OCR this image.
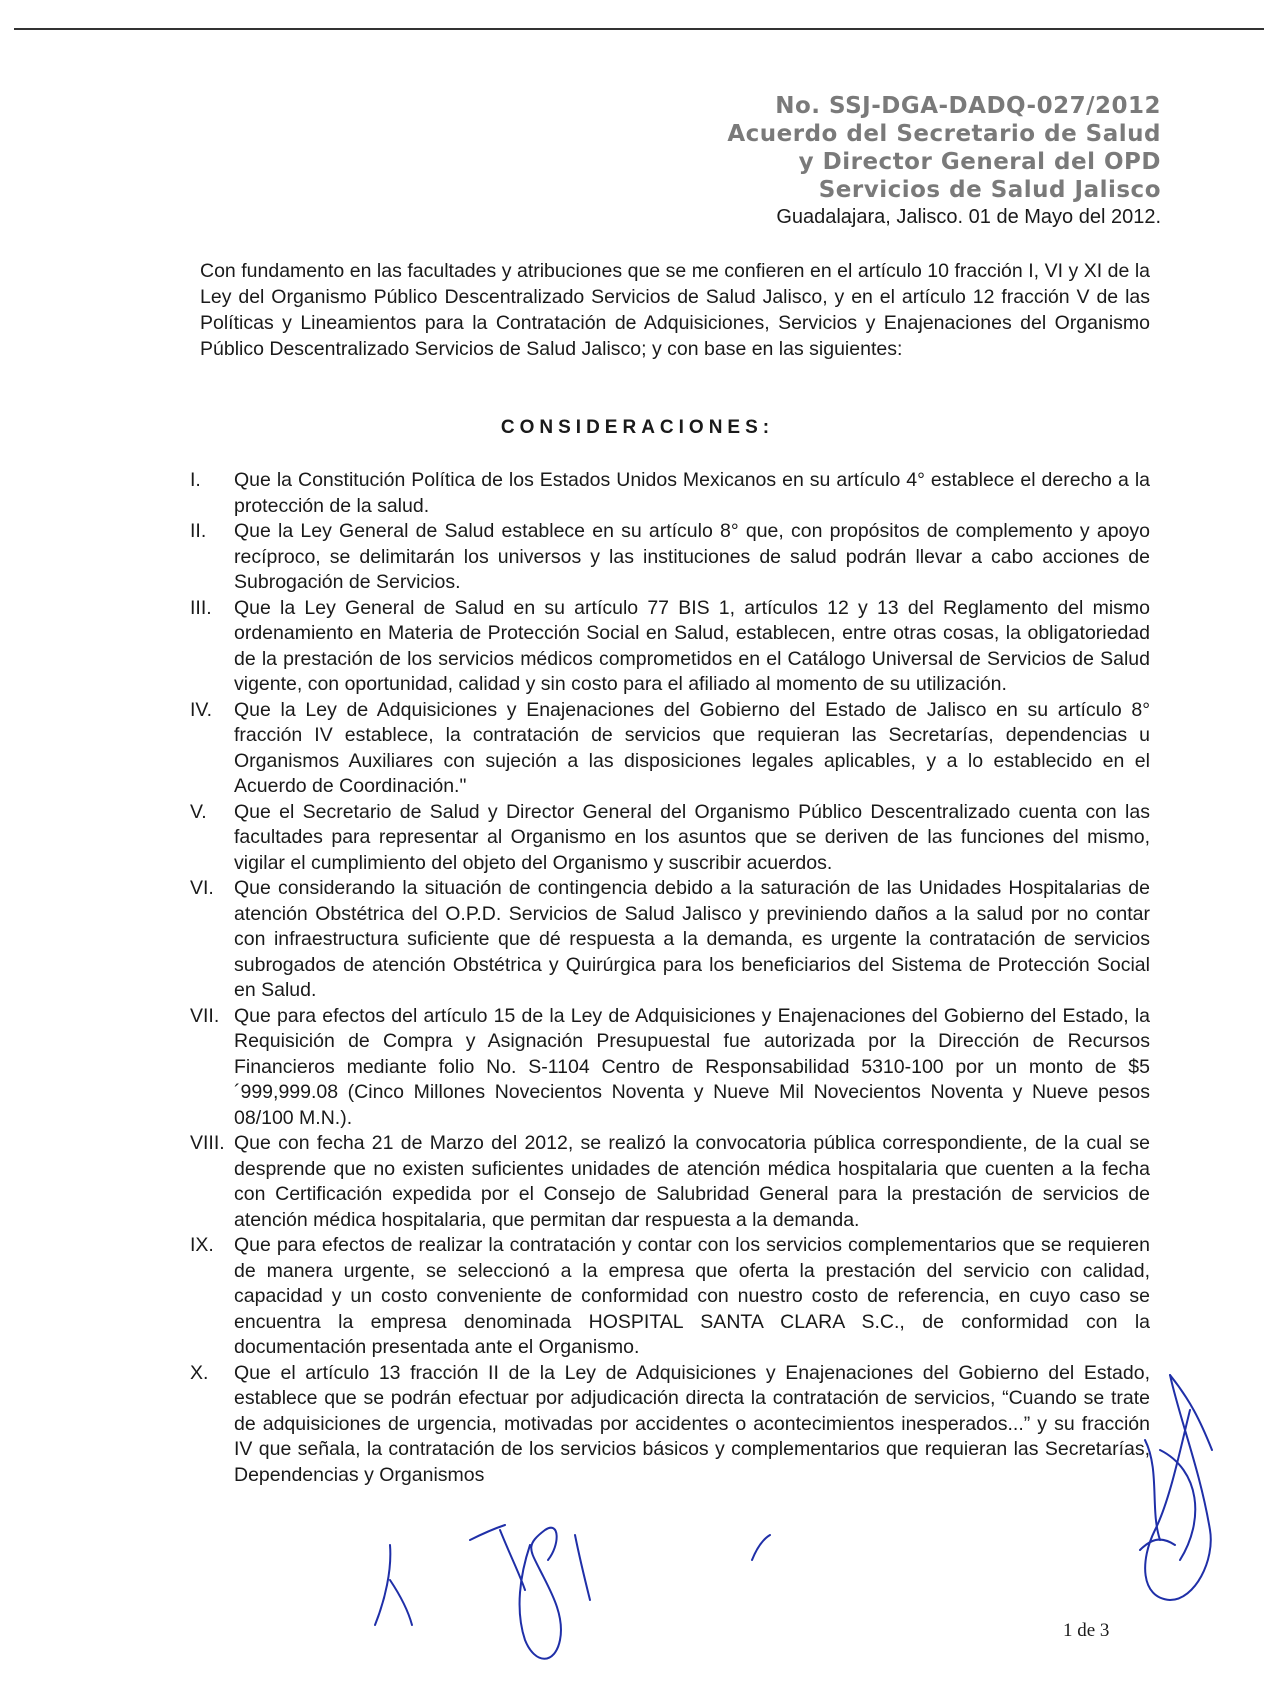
No. SSJ-DGA-DADQ-027/2012
Acuerdo del Secretario de Salud
y Director General del OPD
Servicios de Salud Jalisco
Guadalajara, Jalisco. 01 de Mayo del 2012.
Con fundamento en las facultades y atribuciones que se me confieren en el artículo 10 fracción I, VI y XI de la Ley del Organismo Público Descentralizado Servicios de Salud Jalisco, y en el artículo 12 fracción V de las Políticas y Lineamientos para la Contratación de Adquisiciones, Servicios y Enajenaciones del Organismo Público Descentralizado Servicios de Salud Jalisco; y con base en las siguientes:
CONSIDERACIONES:
I. Que la Constitución Política de los Estados Unidos Mexicanos en su artículo 4° establece el derecho a la protección de la salud.
II. Que la Ley General de Salud establece en su artículo 8° que, con propósitos de complemento y apoyo recíproco, se delimitarán los universos y las instituciones de salud podrán llevar a cabo acciones de Subrogación de Servicios.
III. Que la Ley General de Salud en su artículo 77 BIS 1, artículos 12 y 13 del Reglamento del mismo ordenamiento en Materia de Protección Social en Salud, establecen, entre otras cosas, la obligatoriedad de la prestación de los servicios médicos comprometidos en el Catálogo Universal de Servicios de Salud vigente, con oportunidad, calidad y sin costo para el afiliado al momento de su utilización.
IV. Que la Ley de Adquisiciones y Enajenaciones del Gobierno del Estado de Jalisco en su artículo 8° fracción IV establece, la contratación de servicios que requieran las Secretarías, dependencias u Organismos Auxiliares con sujeción a las disposiciones legales aplicables, y a lo establecido en el Acuerdo de Coordinación."
V. Que el Secretario de Salud y Director General del Organismo Público Descentralizado cuenta con las facultades para representar al Organismo en los asuntos que se deriven de las funciones del mismo, vigilar el cumplimiento del objeto del Organismo y suscribir acuerdos.
VI. Que considerando la situación de contingencia debido a la saturación de las Unidades Hospitalarias de atención Obstétrica del O.P.D. Servicios de Salud Jalisco y previniendo daños a la salud por no contar con infraestructura suficiente que dé respuesta a la demanda, es urgente la contratación de servicios subrogados de atención Obstétrica y Quirúrgica para los beneficiarios del Sistema de Protección Social en Salud.
VII. Que para efectos del artículo 15 de la Ley de Adquisiciones y Enajenaciones del Gobierno del Estado, la Requisición de Compra y Asignación Presupuestal fue autorizada por la Dirección de Recursos Financieros mediante folio No. S-1104 Centro de Responsabilidad 5310-100 por un monto de $5´999,999.08 (Cinco Millones Novecientos Noventa y Nueve Mil Novecientos Noventa y Nueve pesos 08/100 M.N.).
VIII. Que con fecha 21 de Marzo del 2012, se realizó la convocatoria pública correspondiente, de la cual se desprende que no existen suficientes unidades de atención médica hospitalaria que cuenten a la fecha con Certificación expedida por el Consejo de Salubridad General para la prestación de servicios de atención médica hospitalaria, que permitan dar respuesta a la demanda.
IX. Que para efectos de realizar la contratación y contar con los servicios complementarios que se requieren de manera urgente, se seleccionó a la empresa que oferta la prestación del servicio con calidad, capacidad y un costo conveniente de conformidad con nuestro costo de referencia, en cuyo caso se encuentra la empresa denominada HOSPITAL SANTA CLARA S.C., de conformidad con la documentación presentada ante el Organismo.
X. Que el artículo 13 fracción II de la Ley de Adquisiciones y Enajenaciones del Gobierno del Estado, establece que se podrán efectuar por adjudicación directa la contratación de servicios, “Cuando se trate de adquisiciones de urgencia, motivadas por accidentes o acontecimientos inesperados...” y su fracción IV que señala, la contratación de los servicios básicos y complementarios que requieran las Secretarías, Dependencias y Organismos
1 de 3
